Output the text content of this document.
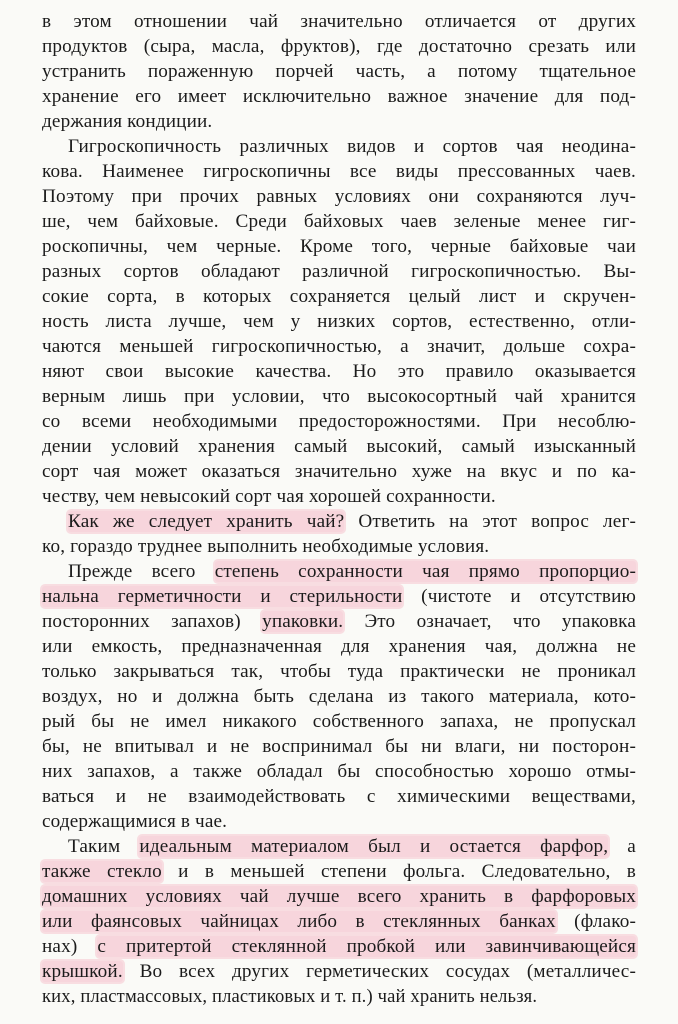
в этом отношении чай значительно отличается от других
продуктов (сыра, масла, фруктов), где достаточно срезать или
устранить пораженную порчей часть, а потому тщательное
хранение его имеет исключительно важное значение для под-
держания кондиции.
Гигроскопичность различных видов и сортов чая неодина-
кова. Наименее гигроскопичны все виды прессованных чаев.
Поэтому при прочих равных условиях они сохраняются луч-
ше, чем байховые. Среди байховых чаев зеленые менее гиг-
роскопичны, чем черные. Кроме того, черные байховые чаи
разных сортов обладают различной гигроскопичностью. Вы-
сокие сорта, в которых сохраняется целый лист и скручен-
ность листа лучше, чем у низких сортов, естественно, отли-
чаются меньшей гигроскопичностью, а значит, дольше сохра-
няют свои высокие качества. Но это правило оказывается
верным лишь при условии, что высокосортный чай хранится
со всеми необходимыми предосторожностями. При несоблю-
дении условий хранения самый высокий, самый изысканный
сорт чая может оказаться значительно хуже на вкус и по ка-
честву, чем невысокий сорт чая хорошей сохранности.
Как же следует хранить чай? Ответить на этот вопрос лег-
ко, гораздо труднее выполнить необходимые условия.
Прежде всего степень сохранности чая прямо пропорцио-
нальна герметичности и стерильности (чистоте и отсутствию
посторонних запахов) упаковки. Это означает, что упаковка
или емкость, предназначенная для хранения чая, должна не
только закрываться так, чтобы туда практически не проникал
воздух, но и должна быть сделана из такого материала, кото-
рый бы не имел никакого собственного запаха, не пропускал
бы, не впитывал и не воспринимал бы ни влаги, ни посторон-
них запахов, а также обладал бы способностью хорошо отмы-
ваться и не взаимодействовать с химическими веществами,
содержащимися в чае.
Таким идеальным материалом был и остается фарфор, а
также стекло и в меньшей степени фольга. Следовательно, в
домашних условиях чай лучше всего хранить в фарфоровых
или фаянсовых чайницах либо в стеклянных банках (флако-
нах) с притертой стеклянной пробкой или завинчивающейся
крышкой. Во всех других герметических сосудах (металличес-
ких, пластмассовых, пластиковых и т. п.) чай хранить нельзя.
